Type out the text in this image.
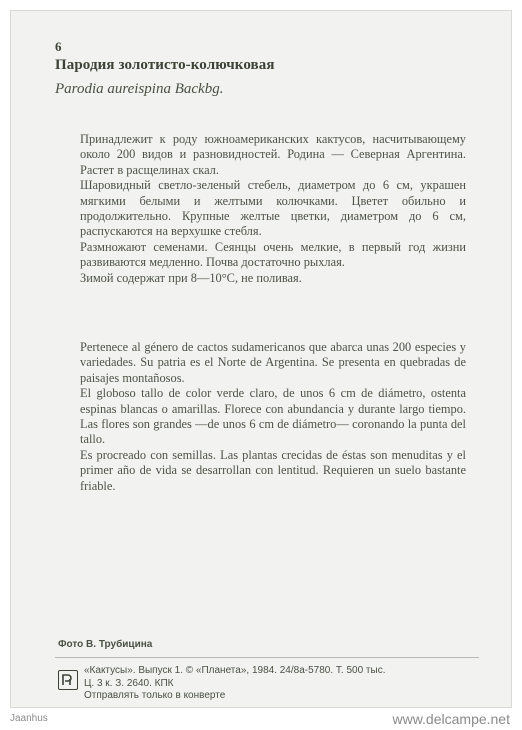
6
Пародия золотисто-колючковая
Parodia aureispina Backbg.

Принадлежит к роду южноамериканских кактусов, насчитывающему около 200 видов и разновидностей. Родина — Северная Аргентина. Растет в расщелинах скал.

Шаровидный светло-зеленый стебель, диаметром до 6 см, украшен мягкими белыми и желтыми колючками. Цветет обильно и продолжительно. Крупные желтые цветки, диаметром до 6 см, распускаются на верхушке стебля.

Размножают семенами. Сеянцы очень мелкие, в первый год жизни развиваются медленно. Почва достаточно рыхлая.

Зимой содержат при 8—10°С, не поливая.

Pertenece al género de cactos sudamericanos que abarca unas 200 especies y variedades. Su patria es el Norte de Argentina. Se presenta en quebradas de paisajes montañosos.

El globoso tallo de color verde claro, de unos 6 cm de diámetro, ostenta espinas blancas o amarillas. Florece con abundancia y durante largo tiempo. Las flores son grandes —de unos 6 cm de diámetro— coronando la punta del tallo.

Es procreado con semillas. Las plantas crecidas de éstas son menuditas y el primer año de vida se desarrollan con lentitud. Requieren un suelo bastante friable.

Фото В. Трубицина
«Кактусы». Выпуск 1. © «Планета», 1984. 24/8а-5780. Т. 500 тыс.
Ц. 3 к. З. 2640. КПК
Отправлять только в конверте
Jaanhus	www.delcampe.net
